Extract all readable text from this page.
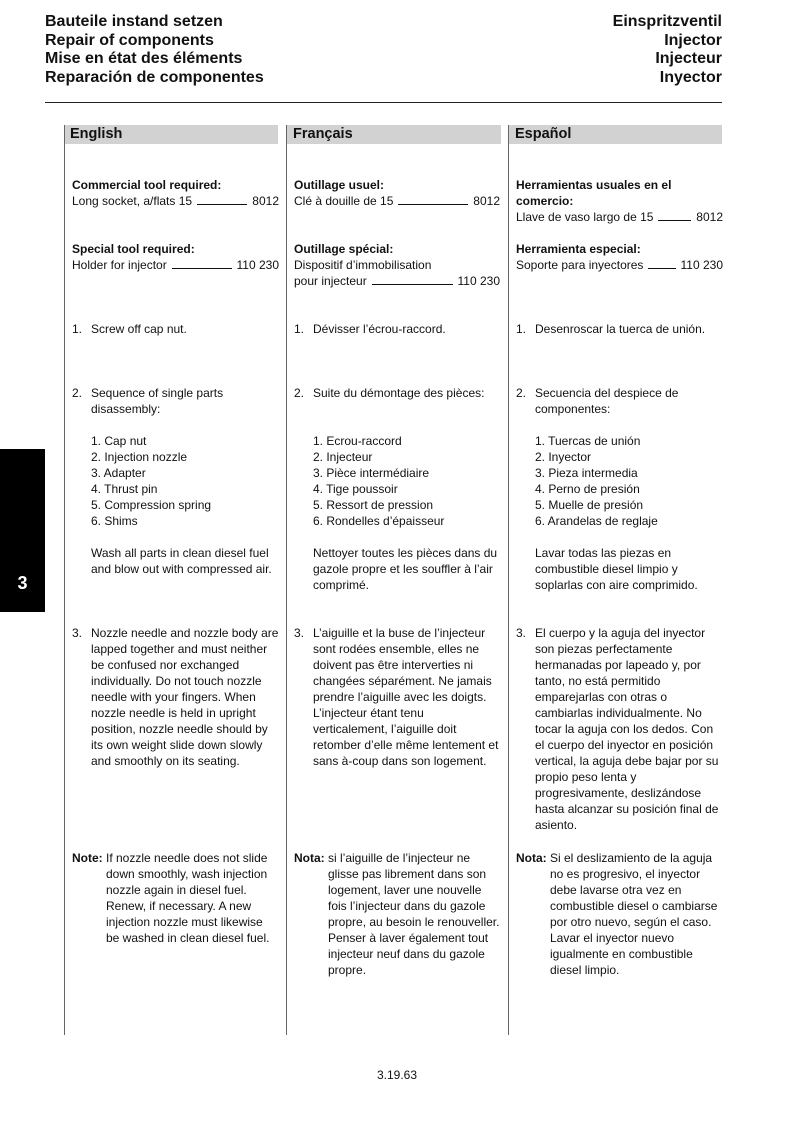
Bauteile instand setzen
Repair of components
Mise en état des éléments
Reparación de componentes
Einspritzventil
Injector
Injecteur
Inyector
3
English	Français	Español
Commercial tool required:
Long socket, a/flats 15	8012
Special tool required:
Holder for injector	110 230
1. Screw off cap nut.
2. Sequence of single parts disassembly:
1. Cap nut
2. Injection nozzle
3. Adapter
4. Thrust pin
5. Compression spring
6. Shims
Wash all parts in clean diesel fuel and blow out with compressed air.
3. Nozzle needle and nozzle body are lapped together and must neither be confused nor exchanged individually. Do not touch nozzle needle with your fingers. When nozzle needle is held in upright position, nozzle needle should by its own weight slide down slowly and smoothly on its seating.
Note: If nozzle needle does not slide down smoothly, wash injection nozzle again in diesel fuel. Renew, if necessary. A new injection nozzle must likewise be washed in clean diesel fuel.
Outillage usuel:
Clé à douille de 15	8012
Outillage spécial:
Dispositif d’immobilisation
pour injecteur	110 230
1. Dévisser l’écrou-raccord.
2. Suite du démontage des pièces:
1. Ecrou-raccord
2. Injecteur
3. Pièce intermédiaire
4. Tige poussoir
5. Ressort de pression
6. Rondelles d’épaisseur
Nettoyer toutes les pièces dans du gazole propre et les souffler à l’air comprimé.
3. L’aiguille et la buse de l’injecteur sont rodées ensemble, elles ne doivent pas être interverties ni changées séparément. Ne jamais prendre l’aiguille avec les doigts. L’injecteur étant tenu verticalement, l’aiguille doit retomber d’elle même lentement et sans à-coup dans son logement.
Nota: si l’aiguille de l’injecteur ne glisse pas librement dans son logement, laver une nouvelle fois l’injecteur dans du gazole propre, au besoin le renouveller. Penser à laver également tout injecteur neuf dans du gazole propre.
Herramientas usuales en el comercio:
Llave de vaso largo de 15	8012
Herramienta especial:
Soporte para inyectores	110 230
1. Desenroscar la tuerca de unión.
2. Secuencia del despiece de componentes:
1. Tuercas de unión
2. Inyector
3. Pieza intermedia
4. Perno de presión
5. Muelle de presión
6. Arandelas de reglaje
Lavar todas las piezas en combustible diesel limpio y soplarlas con aire comprimido.
3. El cuerpo y la aguja del inyector son piezas perfectamente hermanadas por lapeado y, por tanto, no está permitido emparejarlas con otras o cambiarlas individualmente. No tocar la aguja con los dedos. Con el cuerpo del inyector en posición vertical, la aguja debe bajar por su propio peso lenta y progresivamente, deslizándose hasta alcanzar su posición final de asiento.
Nota: Si el deslizamiento de la aguja no es progresivo, el inyector debe lavarse otra vez en combustible diesel o cambiarse por otro nuevo, según el caso. Lavar el inyector nuevo igualmente en combustible diesel limpio.
3.19.63
